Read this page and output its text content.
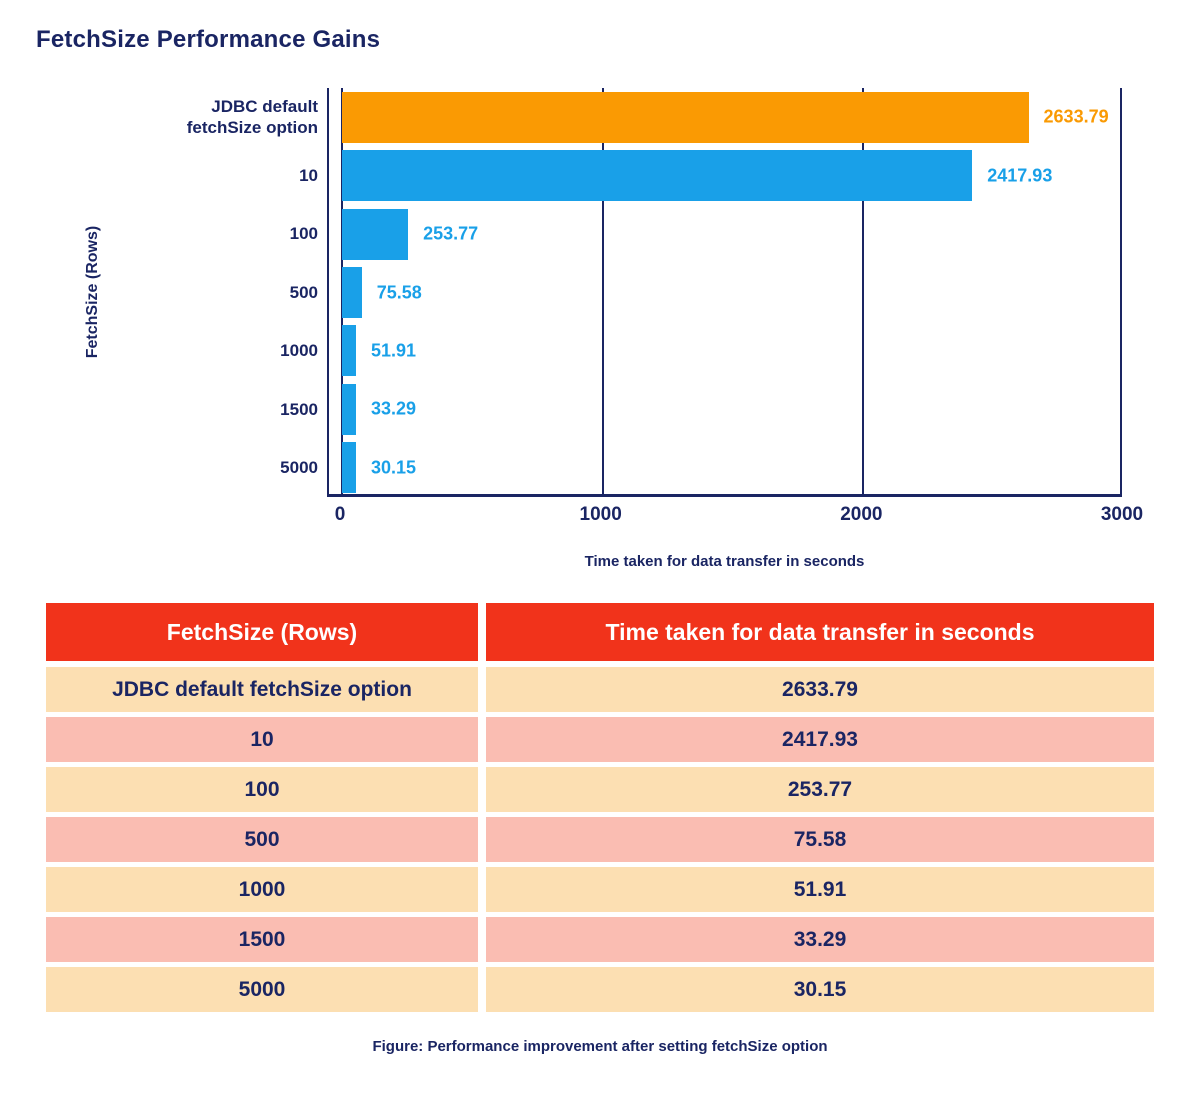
FetchSize Performance Gains
FetchSize (Rows)
JDBC default fetchSize option
10
100
500
1000
1500
5000
2633.79
2417.93
253.77
75.58
51.91
33.29
30.15
0	1000	2000	3000
Time taken for data transfer in seconds
FetchSize (Rows)	Time taken for data transfer in seconds
JDBC default fetchSize option	2633.79
10	2417.93
100	253.77
500	75.58
1000	51.91
1500	33.29
5000	30.15
Figure: Performance improvement after setting fetchSize option
